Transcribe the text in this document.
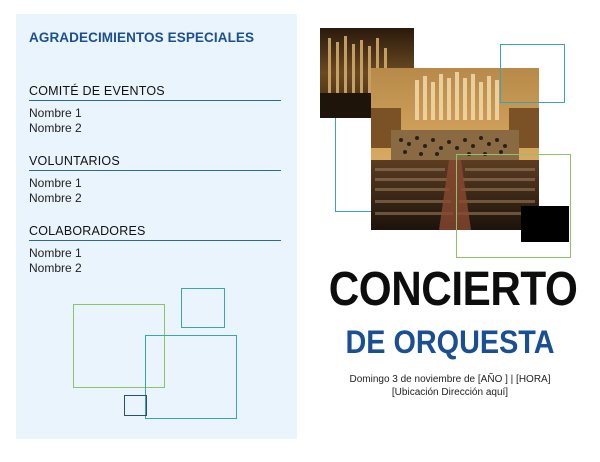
AGRADECIMIENTOS ESPECIALES
COMITÉ DE EVENTOS
Nombre 1
Nombre 2
VOLUNTARIOS
Nombre 1
Nombre 2
COLABORADORES
Nombre 1
Nombre 2	CONCIERTO
DE ORQUESTA
Domingo 3 de noviembre de [AÑO ] | [HORA]
[Ubicación Dirección aquí]
